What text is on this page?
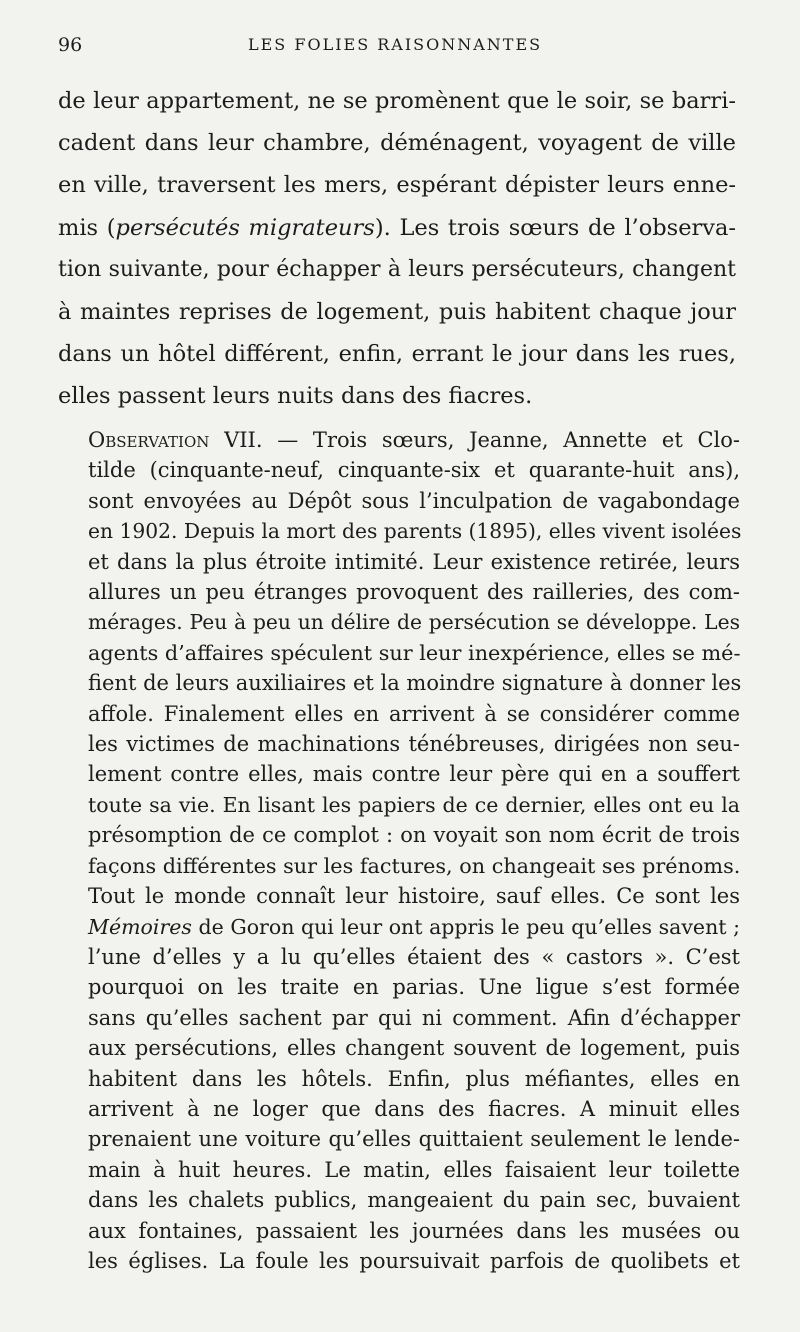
96	LES FOLIES RAISONNANTES
de leur appartement, ne se promènent que le soir, se barri-
cadent dans leur chambre, déménagent, voyagent de ville
en ville, traversent les mers, espérant dépister leurs enne-
mis (persécutés migrateurs). Les trois sœurs de l’observa-
tion suivante, pour échapper à leurs persécuteurs, changent
à maintes reprises de logement, puis habitent chaque jour
dans un hôtel différent, enfin, errant le jour dans les rues,
elles passent leurs nuits dans des fiacres.
Observation VII. — Trois sœurs, Jeanne, Annette et Clo-
tilde (cinquante-neuf, cinquante-six et quarante-huit ans),
sont envoyées au Dépôt sous l’inculpation de vagabondage
en 1902. Depuis la mort des parents (1895), elles vivent isolées
et dans la plus étroite intimité. Leur existence retirée, leurs
allures un peu étranges provoquent des railleries, des com-
mérages. Peu à peu un délire de persécution se développe. Les
agents d’affaires spéculent sur leur inexpérience, elles se mé-
fient de leurs auxiliaires et la moindre signature à donner les
affole. Finalement elles en arrivent à se considérer comme
les victimes de machinations ténébreuses, dirigées non seu-
lement contre elles, mais contre leur père qui en a souffert
toute sa vie. En lisant les papiers de ce dernier, elles ont eu la
présomption de ce complot : on voyait son nom écrit de trois
façons différentes sur les factures, on changeait ses prénoms.
Tout le monde connaît leur histoire, sauf elles. Ce sont les
Mémoires de Goron qui leur ont appris le peu qu’elles savent ;
l’une d’elles y a lu qu’elles étaient des « castors ». C’est
pourquoi on les traite en parias. Une ligue s’est formée
sans qu’elles sachent par qui ni comment. Afin d’échapper
aux persécutions, elles changent souvent de logement, puis
habitent dans les hôtels. Enfin, plus méfiantes, elles en
arrivent à ne loger que dans des fiacres. A minuit elles
prenaient une voiture qu’elles quittaient seulement le lende-
main à huit heures. Le matin, elles faisaient leur toilette
dans les chalets publics, mangeaient du pain sec, buvaient
aux fontaines, passaient les journées dans les musées ou
les églises. La foule les poursuivait parfois de quolibets et
